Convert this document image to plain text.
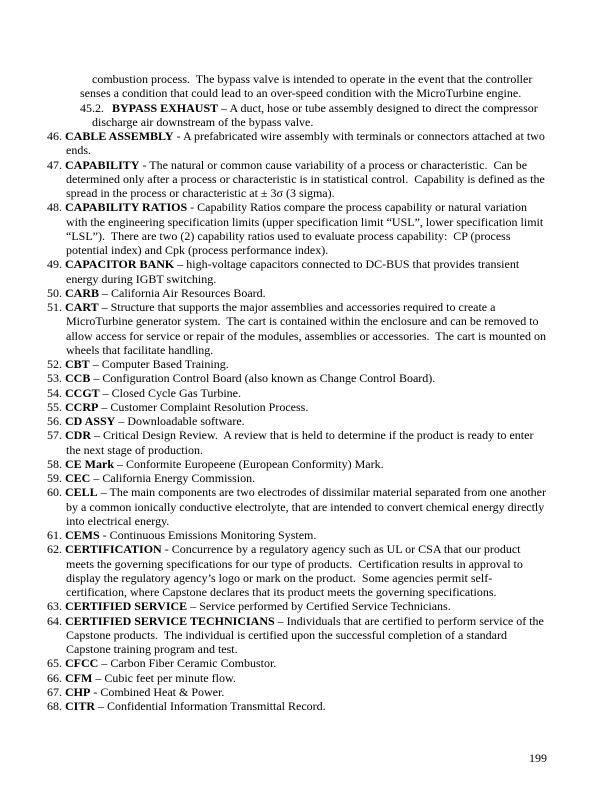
combustion process.  The bypass valve is intended to operate in the event that the controller senses a condition that could lead to an over-speed condition with the MicroTurbine engine.

45.2. BYPASS EXHAUST – A duct, hose or tube assembly designed to direct the compressor discharge air downstream of the bypass valve.

46. CABLE ASSEMBLY - A prefabricated wire assembly with terminals or connectors attached at two ends.

47. CAPABILITY - The natural or common cause variability of a process or characteristic.  Can be determined only after a process or characteristic is in statistical control.  Capability is defined as the spread in the process or characteristic at ± 3σ (3 sigma).

48. CAPABILITY RATIOS - Capability Ratios compare the process capability or natural variation with the engineering specification limits (upper specification limit “USL”, lower specification limit “LSL”).  There are two (2) capability ratios used to evaluate process capability:  CP (process potential index) and Cpk (process performance index).

49. CAPACITOR BANK – high-voltage capacitors connected to DC-BUS that provides transient energy during IGBT switching.

50. CARB – California Air Resources Board.

51. CART – Structure that supports the major assemblies and accessories required to create a MicroTurbine generator system.  The cart is contained within the enclosure and can be removed to allow access for service or repair of the modules, assemblies or accessories.  The cart is mounted on wheels that facilitate handling.

52. CBT – Computer Based Training.

53. CCB – Configuration Control Board (also known as Change Control Board).

54. CCGT – Closed Cycle Gas Turbine.

55. CCRP – Customer Complaint Resolution Process.

56. CD ASSY – Downloadable software.

57. CDR – Critical Design Review.  A review that is held to determine if the product is ready to enter the next stage of production.

58. CE Mark – Conformite Europeene (European Conformity) Mark.

59. CEC – California Energy Commission.

60. CELL – The main components are two electrodes of dissimilar material separated from one another by a common ionically conductive electrolyte, that are intended to convert chemical energy directly into electrical energy.

61. CEMS - Continuous Emissions Monitoring System.

62. CERTIFICATION - Concurrence by a regulatory agency such as UL or CSA that our product meets the governing specifications for our type of products.  Certification results in approval to display the regulatory agency’s logo or mark on the product.  Some agencies permit self-certification, where Capstone declares that its product meets the governing specifications.

63. CERTIFIED SERVICE – Service performed by Certified Service Technicians.

64. CERTIFIED SERVICE TECHNICIANS – Individuals that are certified to perform service of the Capstone products.  The individual is certified upon the successful completion of a standard Capstone training program and test.

65. CFCC – Carbon Fiber Ceramic Combustor.

66. CFM – Cubic feet per minute flow.

67. CHP - Combined Heat & Power.

68. CITR – Confidential Information Transmittal Record.

199
